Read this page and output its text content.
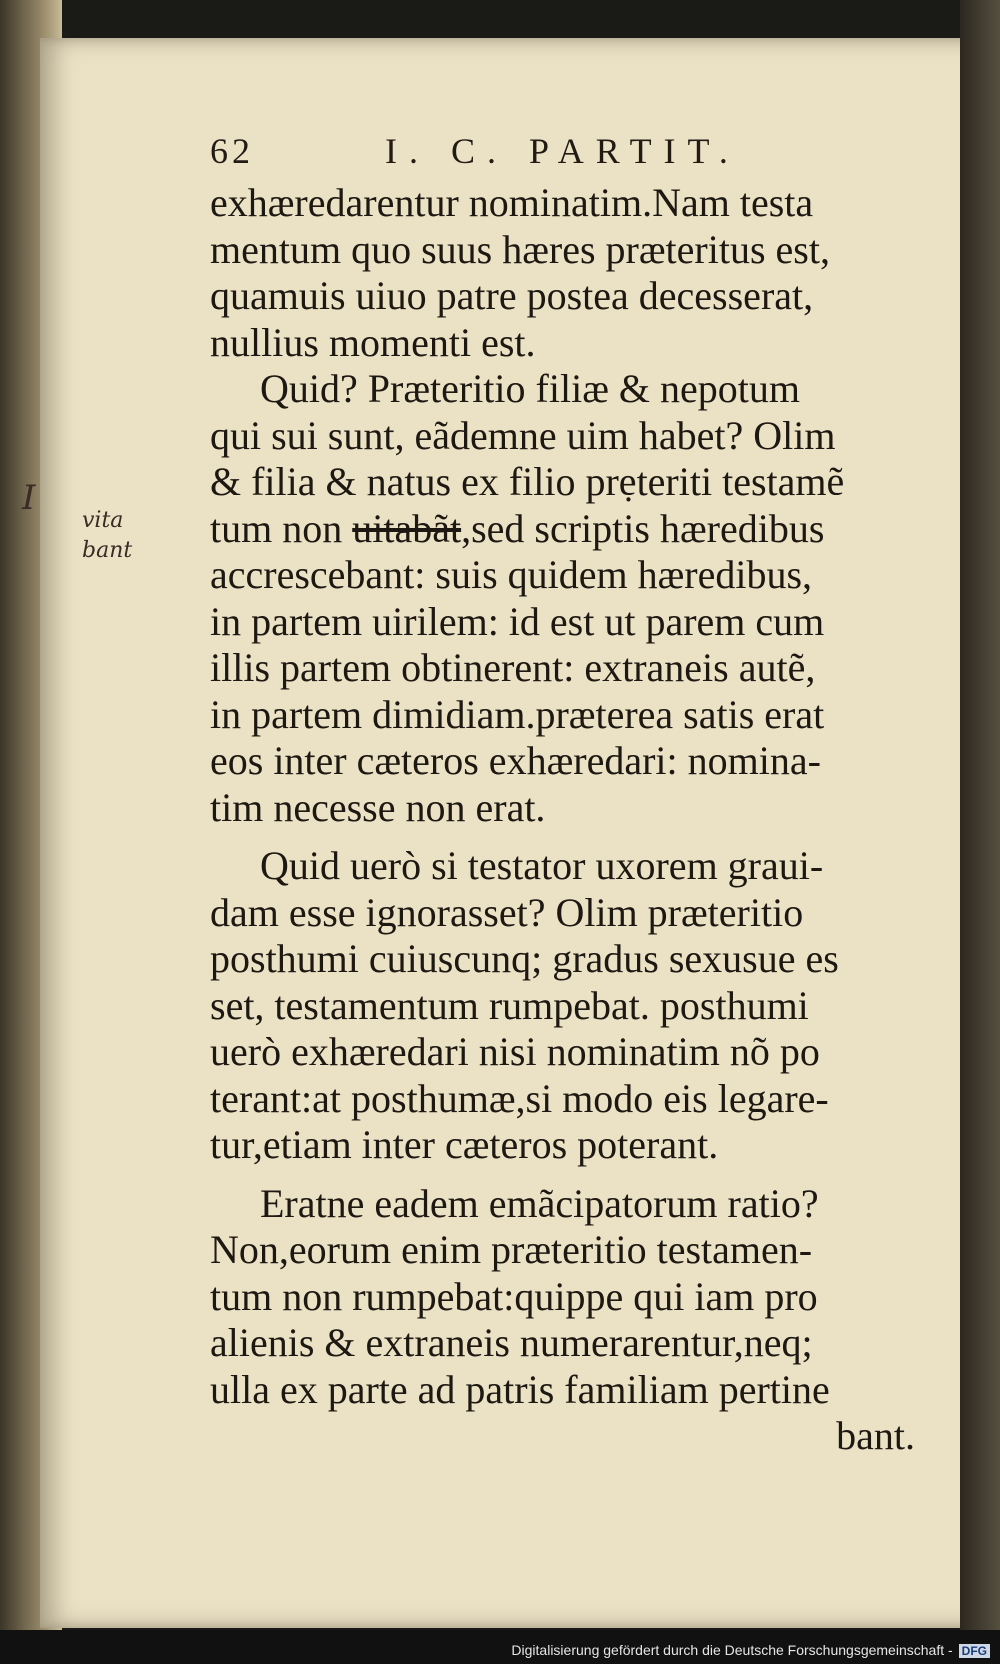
I
vita
bant
62	I. C. PARTIT.
exhæredarentur nominatim.Nam testa
mentum quo suus hæres præteritus est,
quamuis uiuo patre postea decesserat,
nullius momenti est.
Quid? Præteritio filiæ & nepotum
qui sui sunt, eãdemne uim habet? Olim
& filia & natus ex filio prẹteriti testamẽ
tum non uitabãt,sed scriptis hæredibus
accrescebant: suis quidem hæredibus,
in partem uirilem: id est ut parem cum
illis partem obtinerent: extraneis autẽ,
in partem dimidiam.præterea satis erat
eos inter cæteros exhæredari: nomina-
tim necesse non erat.
Quid uerò si testator uxorem graui-
dam esse ignorasset? Olim præteritio
posthumi cuiuscunq; gradus sexusue es
set, testamentum rumpebat. posthumi
uerò exhæredari nisi nominatim nõ po
terant:at posthumæ,si modo eis legare-
tur,etiam inter cæteros poterant.
Eratne eadem emãcipatorum ratio?
Non,eorum enim præteritio testamen-
tum non rumpebat:quippe qui iam pro
alienis & extraneis numerarentur,neq;
ulla ex parte ad patris familiam pertine
bant.
Digitalisierung gefördert durch die Deutsche Forschungsgemeinschaft - DFG
